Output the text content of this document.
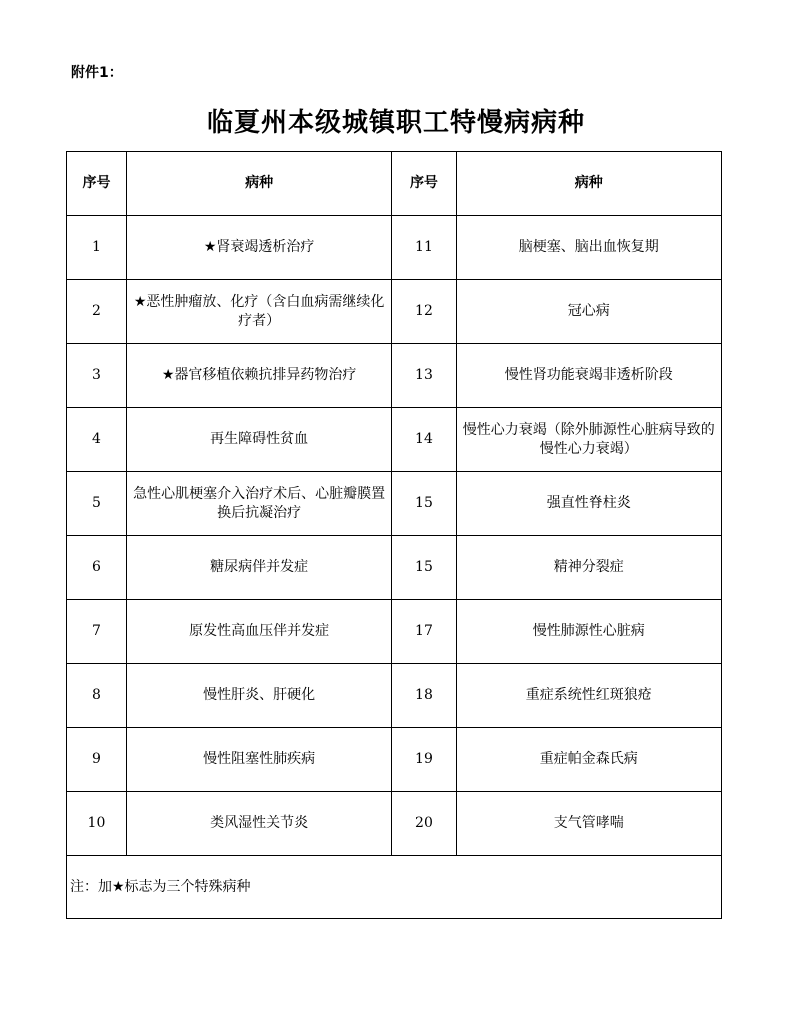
附件1：
临夏州本级城镇职工特慢病病种
序号	病种	序号	病种
1	★肾衰竭透析治疗	11	脑梗塞、脑出血恢复期
2	★恶性肿瘤放、化疗（含白血病需继续化疗者）	12	冠心病
3	★器官移植依赖抗排异药物治疗	13	慢性肾功能衰竭非透析阶段
4	再生障碍性贫血	14	慢性心力衰竭（除外肺源性心脏病导致的慢性心力衰竭）
5	急性心肌梗塞介入治疗术后、心脏瓣膜置换后抗凝治疗	15	强直性脊柱炎
6	糖尿病伴并发症	15	精神分裂症
7	原发性高血压伴并发症	17	慢性肺源性心脏病
8	慢性肝炎、肝硬化	18	重症系统性红斑狼疮
9	慢性阻塞性肺疾病	19	重症帕金森氏病
10	类风湿性关节炎	20	支气管哮喘
注：加★标志为三个特殊病种			
